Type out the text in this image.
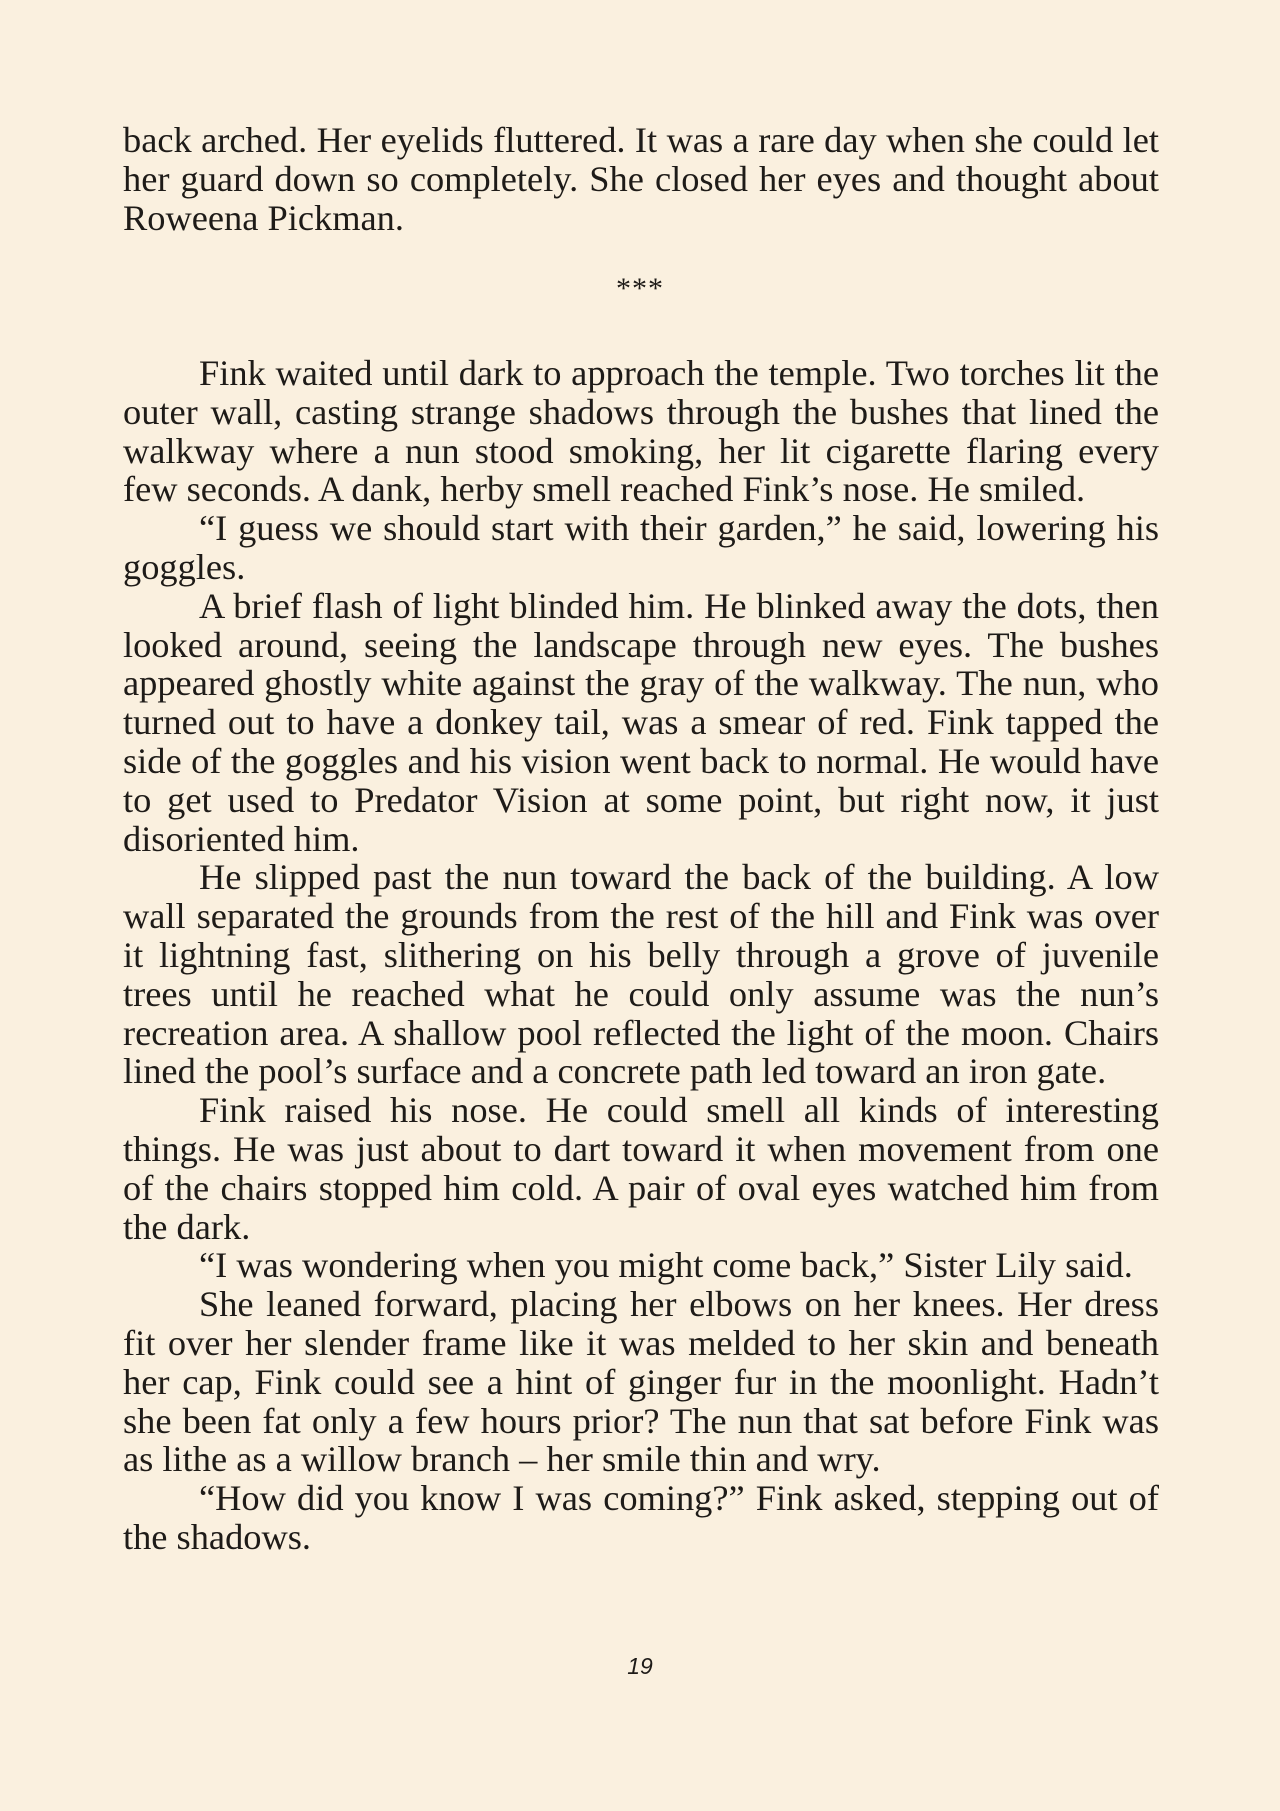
back arched. Her eyelids fluttered. It was a rare day when she could let her guard down so completely. She closed her eyes and thought about Roweena Pickman.

***

Fink waited until dark to approach the temple. Two torches lit the outer wall, casting strange shadows through the bushes that lined the walkway where a nun stood smoking, her lit cigarette flaring every few seconds. A dank, herby smell reached Fink’s nose. He smiled.

“I guess we should start with their garden,” he said, lowering his goggles.

A brief flash of light blinded him. He blinked away the dots, then looked around, seeing the landscape through new eyes. The bushes appeared ghostly white against the gray of the walkway. The nun, who turned out to have a donkey tail, was a smear of red. Fink tapped the side of the goggles and his vision went back to normal. He would have to get used to Predator Vision at some point, but right now, it just disoriented him.

He slipped past the nun toward the back of the building. A low wall separated the grounds from the rest of the hill and Fink was over it lightning fast, slithering on his belly through a grove of juvenile trees until he reached what he could only assume was the nun’s recreation area. A shallow pool reflected the light of the moon. Chairs lined the pool’s surface and a concrete path led toward an iron gate.

Fink raised his nose. He could smell all kinds of interesting things. He was just about to dart toward it when movement from one of the chairs stopped him cold. A pair of oval eyes watched him from the dark.

“I was wondering when you might come back,” Sister Lily said.

She leaned forward, placing her elbows on her knees. Her dress fit over her slender frame like it was melded to her skin and beneath her cap, Fink could see a hint of ginger fur in the moonlight. Hadn’t she been fat only a few hours prior? The nun that sat before Fink was as lithe as a willow branch – her smile thin and wry.

“How did you know I was coming?” Fink asked, stepping out of the shadows.

19
